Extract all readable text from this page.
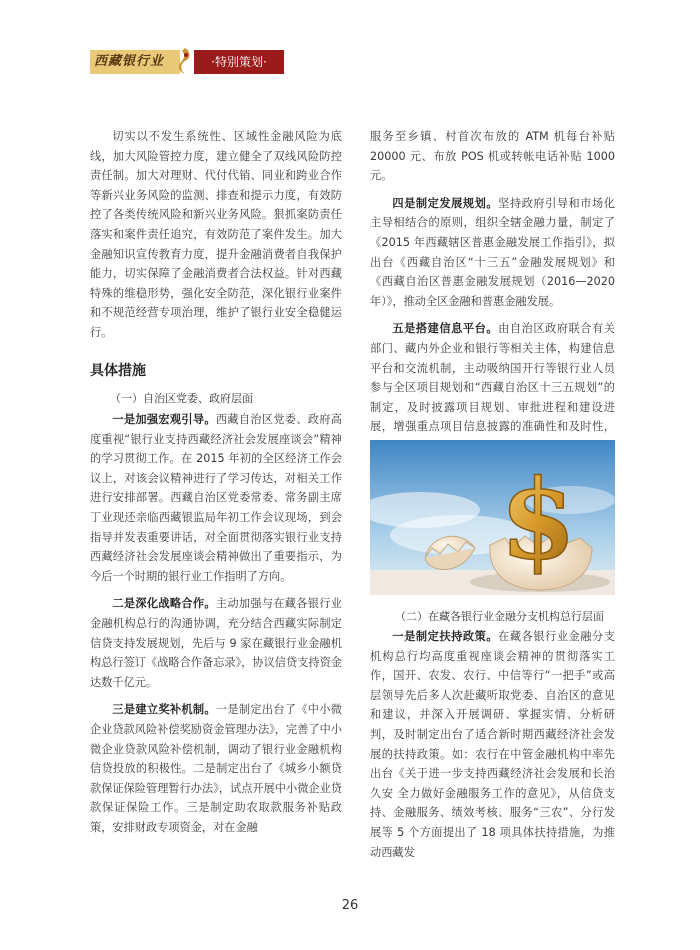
西藏银行业	·特别策划·

切实以不发生系统性、区域性金融风险为底线，加大风险管控力度，建立健全了双线风险防控责任制。加大对理财、代付代销、同业和跨业合作等新兴业务风险的监测、排查和提示力度，有效防控了各类传统风险和新兴业务风险。狠抓案防责任落实和案件责任追究，有效防范了案件发生。加大金融知识宣传教育力度，提升金融消费者自我保护能力，切实保障了金融消费者合法权益。针对西藏特殊的维稳形势，强化安全防范，深化银行业案件和不规范经营专项治理，维护了银行业安全稳健运行。

服务至乡镇、村首次布放的 ATM 机每台补贴 20000 元、布放 POS 机或转帐电话补贴 1000 元。

四是制定发展规划。坚持政府引导和市场化主导相结合的原则，组织全辖金融力量，制定了《2015 年西藏辖区普惠金融发展工作指引》，拟出台《西藏自治区“十三五”金融发展规划》和《西藏自治区普惠金融发展规划（2016—2020 年）》，推动全区金融和普惠金融发展。

五是搭建信息平台。由自治区政府联合有关部门、藏内外企业和银行等相关主体，构建信息平台和交流机制，主动吸纳国开行等银行业人员参与全区项目规划和“西藏自治区十三五规划”的制定，及时披露项目规划、审批进程和建设进展，增强重点项目信息披露的准确性和及时性，

具体措施
（一）自治区党委、政府层面

一是加强宏观引导。西藏自治区党委、政府高度重视“银行业支持西藏经济社会发展座谈会”精神的学习贯彻工作。在 2015 年初的全区经济工作会议上，对该会议精神进行了学习传达，对相关工作进行安排部署。西藏自治区党委常委、常务副主席丁业现还亲临西藏银监局年初工作会议现场，到会指导并发表重要讲话，对全面贯彻落实银行业支持西藏经济社会发展座谈会精神做出了重要指示，为今后一个时期的银行业工作指明了方向。

二是深化战略合作。主动加强与在藏各银行业金融机构总行的沟通协调，充分结合西藏实际制定信贷支持发展规划，先后与 9 家在藏银行业金融机构总行签订《战略合作备忘录》，协议信贷支持资金达数千亿元。

三是建立奖补机制。一是制定出台了《中小微企业贷款风险补偿奖励资金管理办法》，完善了中小微企业贷款风险补偿机制，调动了银行业金融机构信贷投放的积极性。二是制定出台了《城乡小额贷款保证保险管理暂行办法》，试点开展中小微企业贷款保证保险工作。三是制定助农取款服务补贴政策，安排财政专项资金，对在金融

$
（二）在藏各银行业金融分支机构总行层面

一是制定扶持政策。在藏各银行业金融分支机构总行均高度重视座谈会精神的贯彻落实工作，国开、农发、农行、中信等行“一把手”或高层领导先后多人次赴藏听取党委、自治区的意见和建议，并深入开展调研、掌握实情、分析研判，及时制定出台了适合新时期西藏经济社会发展的扶持政策。如：农行在中管金融机构中率先出台《关于进一步支持西藏经济社会发展和长治久安 全力做好金融服务工作的意见》，从信贷支持、金融服务、绩效考核、服务“三农”、分行发展等 5 个方面提出了 18 项具体扶持措施，为推动西藏发

26
